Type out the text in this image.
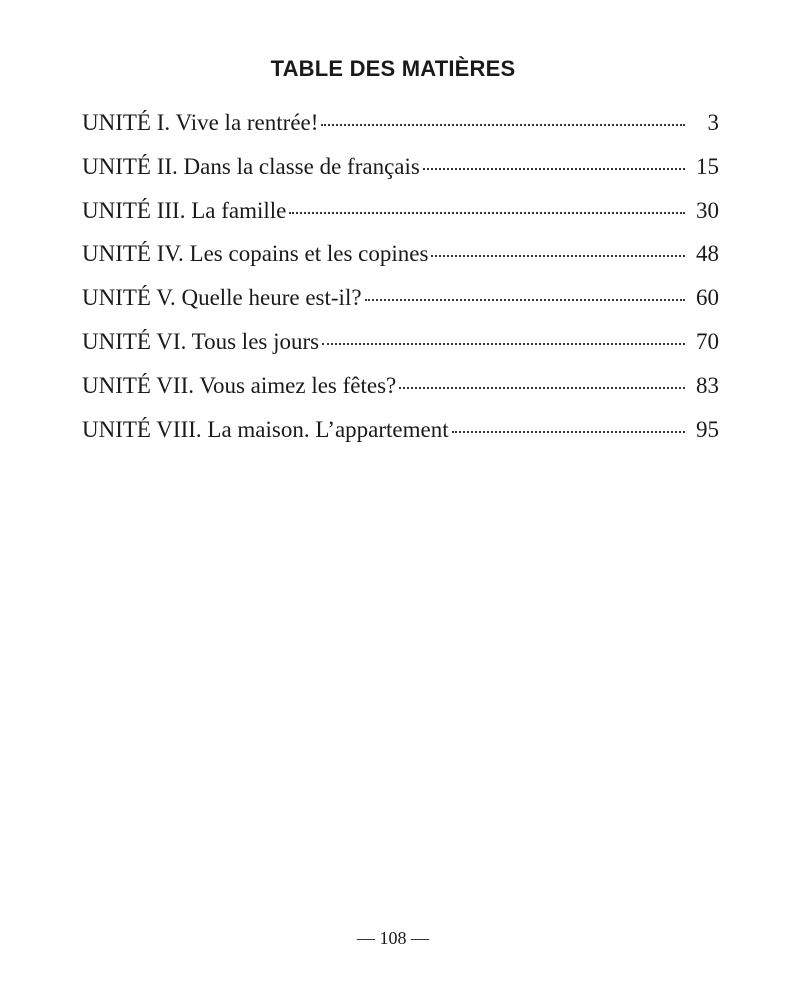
TABLE DES MATIÈRES
UNITÉ I. Vive la rentrée!	3
UNITÉ II. Dans la classe de français	15
UNITÉ III. La famille	30
UNITÉ IV. Les copains et les copines	48
UNITÉ V. Quelle heure est-il?	60
UNITÉ VI. Tous les jours	70
UNITÉ VII. Vous aimez les fêtes?	83
UNITÉ VIII. La maison. L’appartement	95
— 108 —
